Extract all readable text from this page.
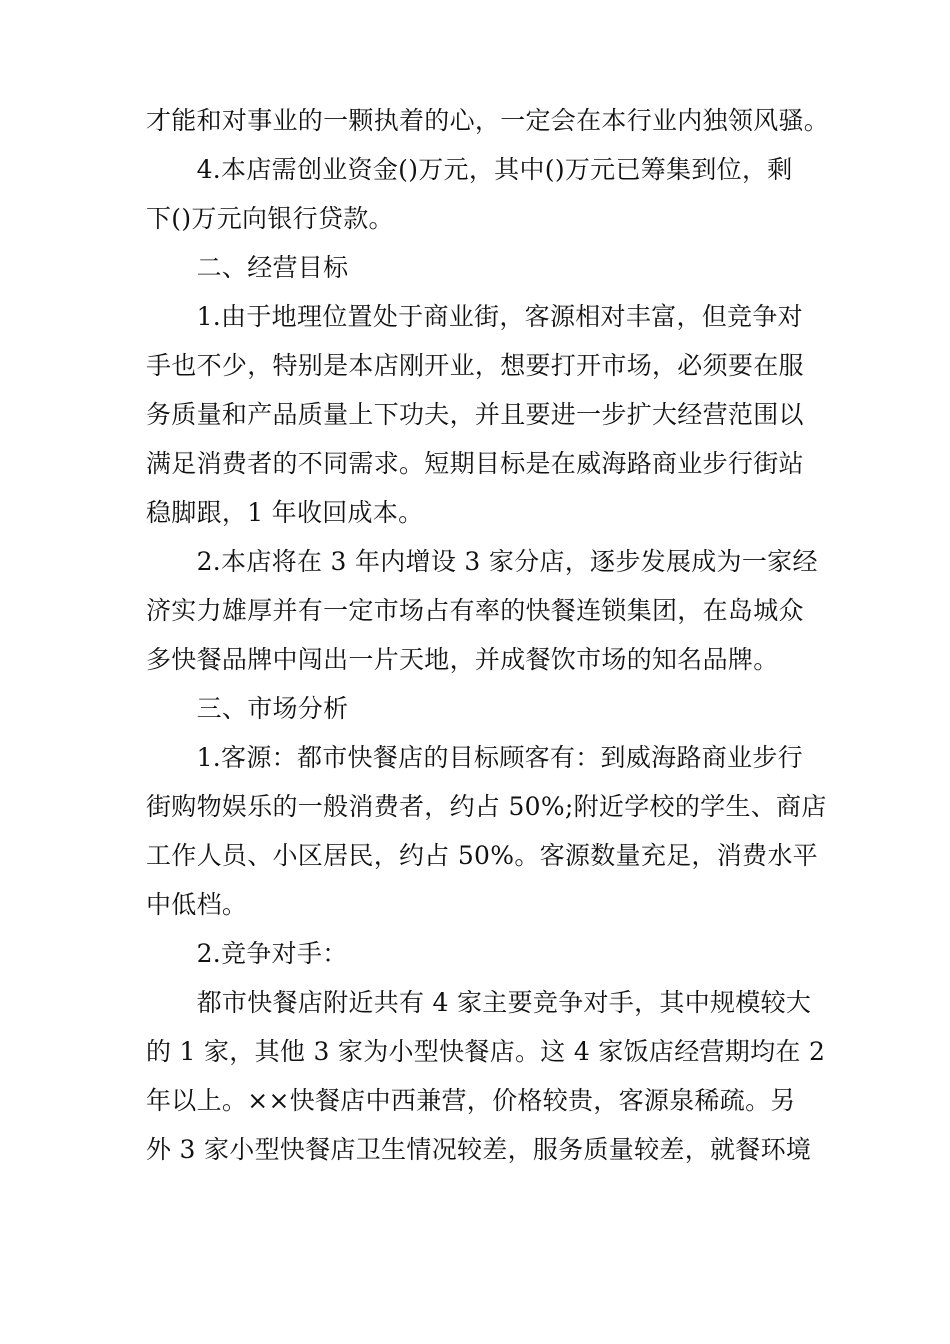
才能和对事业的一颗执着的心，一定会在本行业内独领风骚。

　　4.本店需创业资金()万元，其中()万元已筹集到位，剩

下()万元向银行贷款。

　　二、经营目标

　　1.由于地理位置处于商业街，客源相对丰富，但竞争对

手也不少，特别是本店刚开业，想要打开市场，必须要在服

务质量和产品质量上下功夫，并且要进一步扩大经营范围以

满足消费者的不同需求。短期目标是在威海路商业步行街站

稳脚跟，1 年收回成本。

　　2.本店将在 3 年内增设 3 家分店，逐步发展成为一家经

济实力雄厚并有一定市场占有率的快餐连锁集团，在岛城众

多快餐品牌中闯出一片天地，并成餐饮市场的知名品牌。

　　三、市场分析

　　1.客源：都市快餐店的目标顾客有：到威海路商业步行

街购物娱乐的一般消费者，约占 50%;附近学校的学生、商店

工作人员、小区居民，约占 50%。客源数量充足，消费水平

中低档。

　　2.竞争对手：

　　都市快餐店附近共有 4 家主要竞争对手，其中规模较大

的 1 家，其他 3 家为小型快餐店。这 4 家饭店经营期均在 2

年以上。××快餐店中西兼营，价格较贵，客源泉稀疏。另

外 3 家小型快餐店卫生情况较差，服务质量较差，就餐环境
